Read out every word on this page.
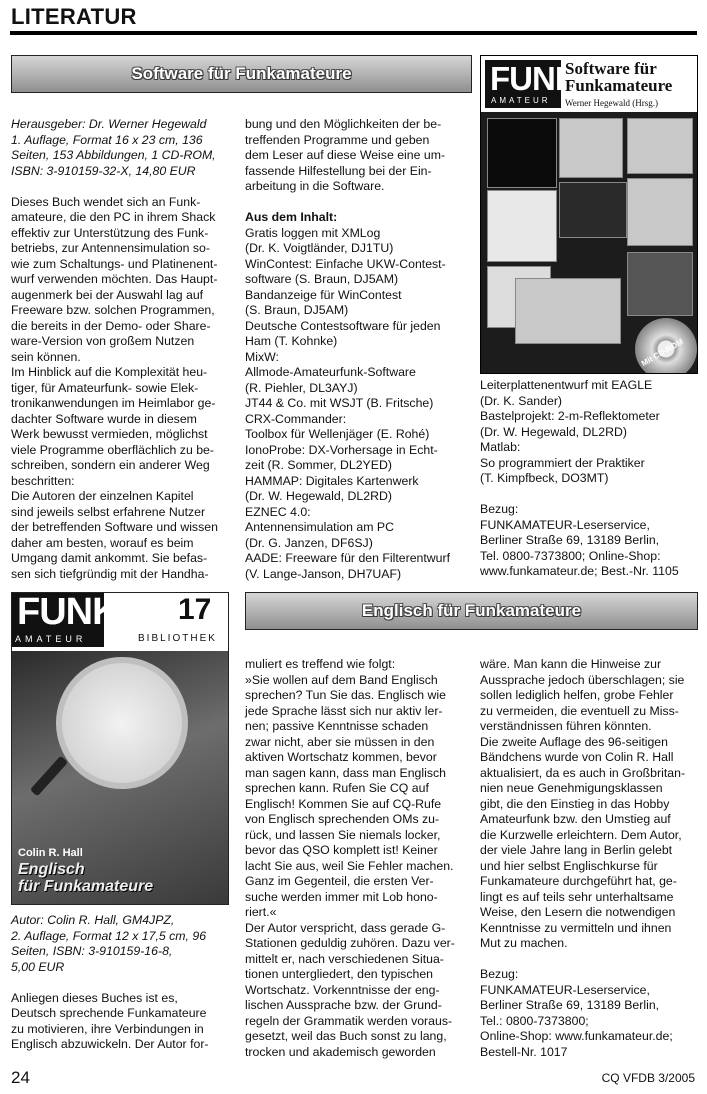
LITERATUR
Software für Funkamateure

Herausgeber: Dr. Werner Hegewald

1. Auflage, Format 16 x 23 cm, 136

Seiten, 153 Abbildungen, 1 CD-ROM,

ISBN: 3-910159-32-X, 14,80 EUR

Dieses Buch wendet sich an Funk-

amateure, die den PC in ihrem Shack

effektiv zur Unterstützung des Funk-

betriebs, zur Antennensimulation so-

wie zum Schaltungs- und Platinenent-

wurf verwenden möchten. Das Haupt-

augenmerk bei der Auswahl lag auf

Freeware bzw. solchen Programmen,

die bereits in der Demo- oder Share-

ware-Version von großem Nutzen

sein können.

Im Hinblick auf die Komplexität heu-

tiger, für Amateurfunk- sowie Elek-

tronikanwendungen im Heimlabor ge-

dachter Software wurde in diesem

Werk bewusst vermieden, möglichst

viele Programme oberflächlich zu be-

schreiben, sondern ein anderer Weg

beschritten:

Die Autoren der einzelnen Kapitel

sind jeweils selbst erfahrene Nutzer

der betreffenden Software und wissen

daher am besten, worauf es beim

Umgang damit ankommt. Sie befas-

sen sich tiefgründig mit der Handha-

bung und den Möglichkeiten der be-

treffenden Programme und geben

dem Leser auf diese Weise eine um-

fassende Hilfestellung bei der Ein-

arbeitung in die Software.

Aus dem Inhalt:

Gratis loggen mit XMLog

(Dr. K. Voigtländer, DJ1TU)

WinContest: Einfache UKW-Contest-

software (S. Braun, DJ5AM)

Bandanzeige für WinContest

(S. Braun, DJ5AM)

Deutsche Contestsoftware für jeden

Ham (T. Kohnke)

MixW:

Allmode-Amateurfunk-Software

(R. Piehler, DL3AYJ)

JT44 & Co. mit WSJT (B. Fritsche)

CRX-Commander:

Toolbox für Wellenjäger (E. Rohé)

IonoProbe: DX-Vorhersage in Echt-

zeit (R. Sommer, DL2YED)

HAMMAP: Digitales Kartenwerk

(Dr. W. Hegewald, DL2RD)

EZNEC 4.0:

Antennensimulation am PC

(Dr. G. Janzen, DF6SJ)

AADE: Freeware für den Filterentwurf

(V. Lange-Janson, DH7UAF)

FUNK
AMATEUR
Software für
Funkamateure
Werner Hegewald (Hrsg.)
Mit CD-ROM

Leiterplattenentwurf mit EAGLE

(Dr. K. Sander)

Bastelprojekt: 2-m-Reflektometer

(Dr. W. Hegewald, DL2RD)

Matlab:

So programmiert der Praktiker

(T. Kimpfbeck, DO3MT)

Bezug:

FUNKAMATEUR-Leserservice,

Berliner Straße 69, 13189 Berlin,

Tel. 0800-7373800; Online-Shop:

www.funkamateur.de; Best.-Nr. 1105

FUNK
AMATEUR
17
BIBLIOTHEK
Colin R. Hall
Englisch
für Funkamateure
Englisch für Funkamateure

Autor: Colin R. Hall, GM4JPZ,

2. Auflage, Format 12 x 17,5 cm, 96

Seiten, ISBN: 3-910159-16-8,

5,00 EUR

Anliegen dieses Buches ist es,

Deutsch sprechende Funkamateure

zu motivieren, ihre Verbindungen in

Englisch abzuwickeln. Der Autor for-

muliert es treffend wie folgt:

»Sie wollen auf dem Band Englisch

sprechen? Tun Sie das. Englisch wie

jede Sprache lässt sich nur aktiv ler-

nen; passive Kenntnisse schaden

zwar nicht, aber sie müssen in den

aktiven Wortschatz kommen, bevor

man sagen kann, dass man Englisch

sprechen kann. Rufen Sie CQ auf

Englisch! Kommen Sie auf CQ-Rufe

von Englisch sprechenden OMs zu-

rück, und lassen Sie niemals locker,

bevor das QSO komplett ist! Keiner

lacht Sie aus, weil Sie Fehler machen.

Ganz im Gegenteil, die ersten Ver-

suche werden immer mit Lob hono-

riert.«

Der Autor verspricht, dass gerade G-

Stationen geduldig zuhören. Dazu ver-

mittelt er, nach verschiedenen Situa-

tionen untergliedert, den typischen

Wortschatz. Vorkenntnisse der eng-

lischen Aussprache bzw. der Grund-

regeln der Grammatik werden voraus-

gesetzt, weil das Buch sonst zu lang,

trocken und akademisch geworden

wäre. Man kann die Hinweise zur

Aussprache jedoch überschlagen; sie

sollen lediglich helfen, grobe Fehler

zu vermeiden, die eventuell zu Miss-

verständnissen führen könnten.

Die zweite Auflage des 96-seitigen

Bändchens wurde von Colin R. Hall

aktualisiert, da es auch in Großbritan-

nien neue Genehmigungsklassen

gibt, die den Einstieg in das Hobby

Amateurfunk bzw. den Umstieg auf

die Kurzwelle erleichtern. Dem Autor,

der viele Jahre lang in Berlin gelebt

und hier selbst Englischkurse für

Funkamateure durchgeführt hat, ge-

lingt es auf teils sehr unterhaltsame

Weise, den Lesern die notwendigen

Kenntnisse zu vermitteln und ihnen

Mut zu machen.

Bezug:

FUNKAMATEUR-Leserservice,

Berliner Straße 69, 13189 Berlin,

Tel.: 0800-7373800;

Online-Shop: www.funkamateur.de;

Bestell-Nr. 1017

24	CQ VFDB 3/2005
